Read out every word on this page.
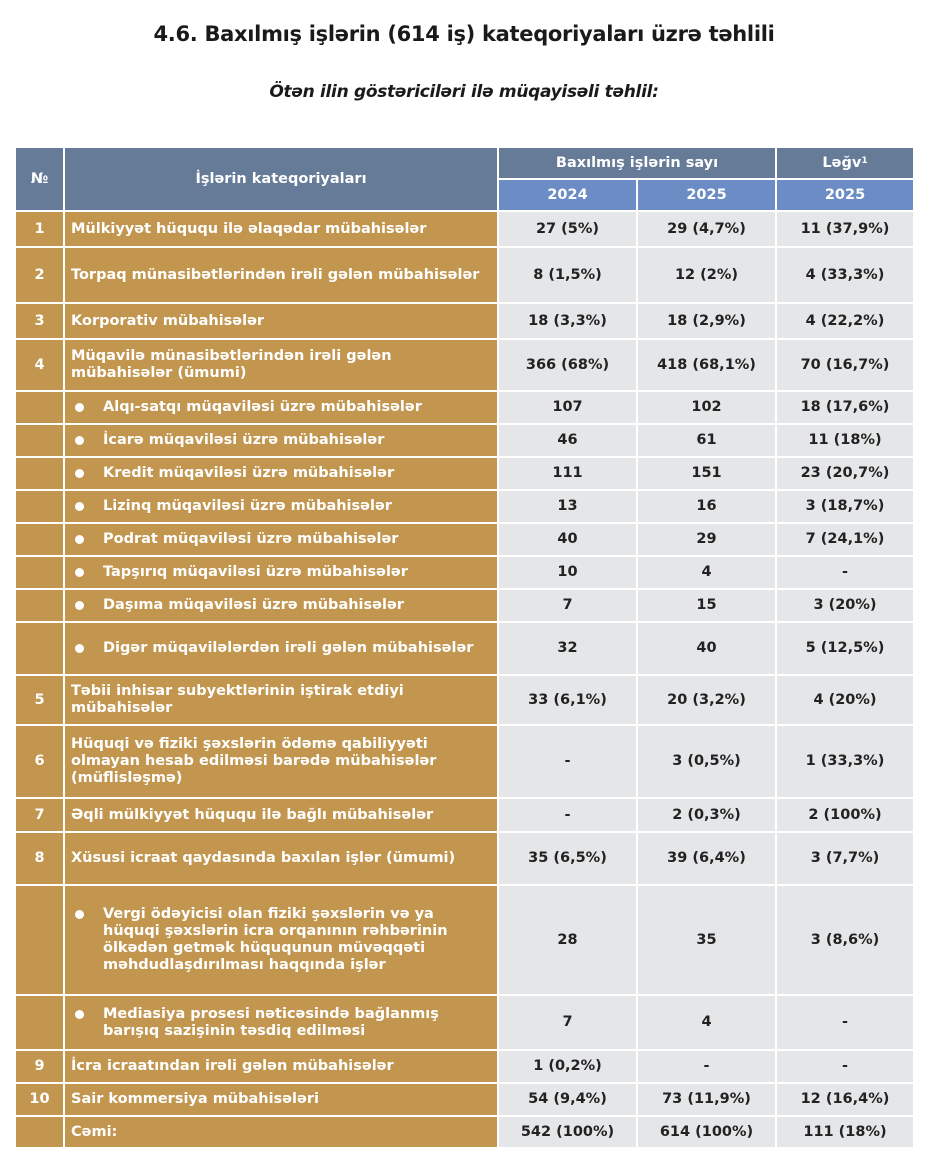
4.6. Baxılmış işlərin (614 iş) kateqoriyaları üzrə təhlili
Ötən ilin göstəriciləri ilə müqayisəli təhlil:
№	İşlərin kateqoriyaları	Baxılmış işlərin sayı		Ləğv$^1$
		2024	2025	2025
1	Mülkiyyət hüququ ilə əlaqədar mübahisələr	27 (5%)	29 (4,7%)	11 (37,9%)
2	Torpaq münasibətlərindən irəli gələn mübahisələr	8 (1,5%)	12 (2%)	4 (33,3%)
3	Korporativ mübahisələr	18 (3,3%)	18 (2,9%)	4 (22,2%)
4	Müqavilə münasibətlərindən irəli gələn mübahisələr (ümumi)	366 (68%)	418 (68,1%)	70 (16,7%)

	Alqı-satqı müqaviləsi üzrə mübahisələr	107	102	18 (17,6%)

	İcarə müqaviləsi üzrə mübahisələr	46	61	11 (18%)

	Kredit müqaviləsi üzrə mübahisələr	111	151	23 (20,7%)

	Lizinq müqaviləsi üzrə mübahisələr	13	16	3 (18,7%)

	Podrat müqaviləsi üzrə mübahisələr	40	29	7 (24,1%)

	Tapşırıq müqaviləsi üzrə mübahisələr	10	4	-

	Daşıma müqaviləsi üzrə mübahisələr	7	15	3 (20%)

	Digər müqavilələrdən irəli gələn mübahisələr	32	40	5 (12,5%)
5	Təbii inhisar subyektlərinin iştirak etdiyi mübahisələr	33 (6,1%)	20 (3,2%)	4 (20%)
6	Hüquqi və fiziki şəxslərin ödəmə qabiliyyəti olmayan hesab edilməsi barədə mübahisələr (müflisləşmə)	-	3 (0,5%)	1 (33,3%)
7	Əqli mülkiyyət hüququ ilə bağlı mübahisələr	-	2 (0,3%)	2 (100%)
8	Xüsusi icraat qaydasında baxılan işlər (ümumi)	35 (6,5%)	39 (6,4%)	3 (7,7%)

	Vergi ödəyicisi olan fiziki şəxslərin və ya hüquqi şəxslərin icra orqanının rəhbərinin ölkədən getmək hüququnun müvəqqəti məhdudlaşdırılması haqqında işlər	28	35	3 (8,6%)

	Mediasiya prosesi nəticəsində bağlanmış barışıq sazişinin təsdiq edilməsi	7	4	-
9	İcra icraatından irəli gələn mübahisələr	1 (0,2%)	-	-
10	Sair kommersiya mübahisələri	54 (9,4%)	73 (11,9%)	12 (16,4%)
	Cəmi:	542 (100%)	614 (100%)	111 (18%)
